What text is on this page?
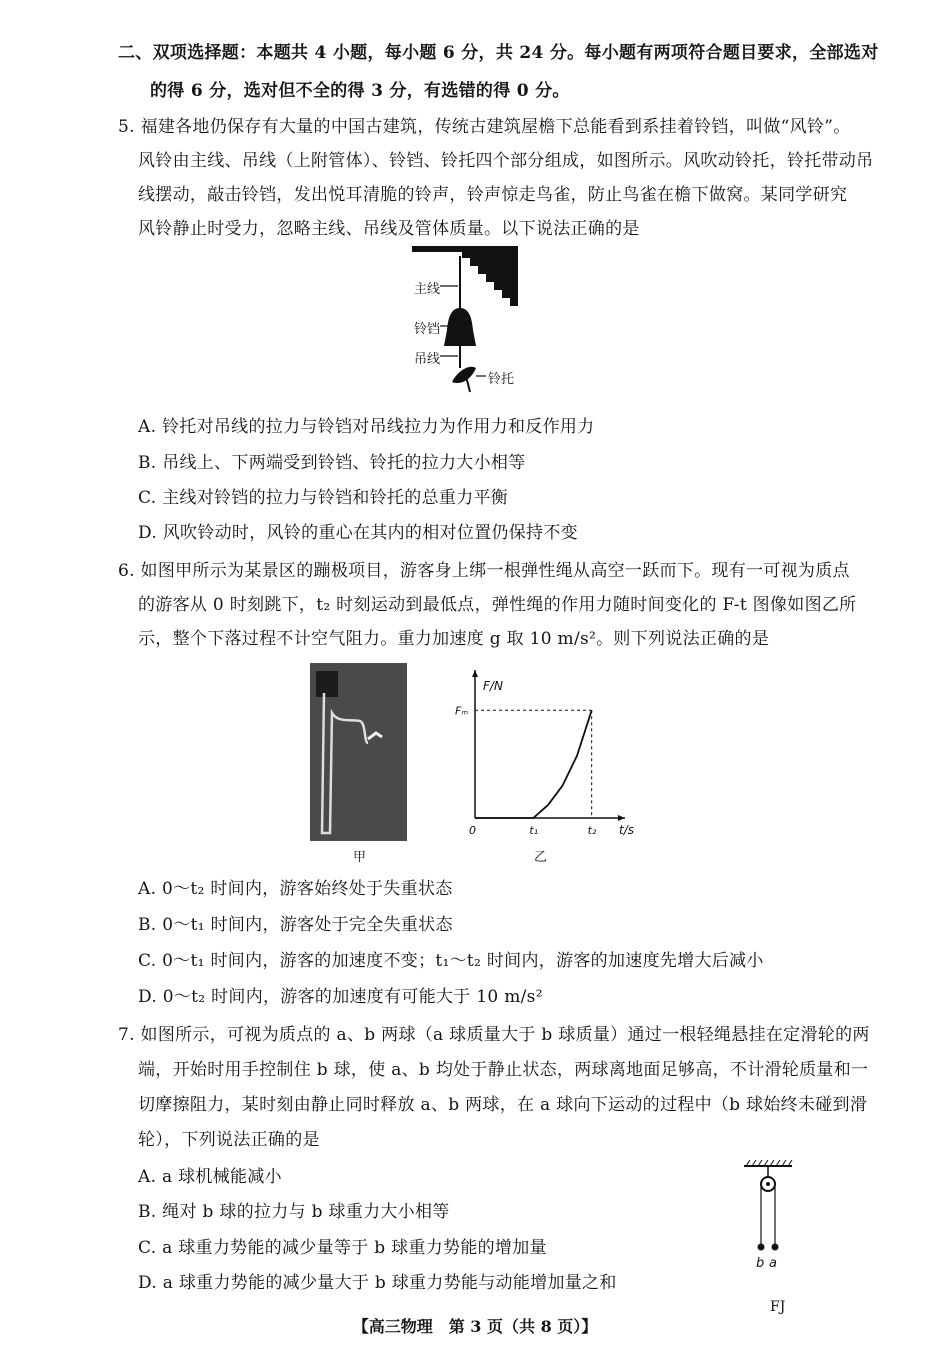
二、双项选择题：本题共 4 小题，每小题 6 分，共 24 分。每小题有两项符合题目要求，全部选对
的得 6 分，选对但不全的得 3 分，有选错的得 0 分。
5. 福建各地仍保存有大量的中国古建筑，传统古建筑屋檐下总能看到系挂着铃铛，叫做“风铃”。
风铃由主线、吊线（上附管体）、铃铛、铃托四个部分组成，如图所示。风吹动铃托，铃托带动吊
线摆动，敲击铃铛，发出悦耳清脆的铃声，铃声惊走鸟雀，防止鸟雀在檐下做窝。某同学研究
风铃静止时受力，忽略主线、吊线及管体质量。以下说法正确的是
主线
铃铛
吊线
铃托
A. 铃托对吊线的拉力与铃铛对吊线拉力为作用力和反作用力
B. 吊线上、下两端受到铃铛、铃托的拉力大小相等
C. 主线对铃铛的拉力与铃铛和铃托的总重力平衡
D. 风吹铃动时，风铃的重心在其内的相对位置仍保持不变
6. 如图甲所示为某景区的蹦极项目，游客身上绑一根弹性绳从高空一跃而下。现有一可视为质点
的游客从 0 时刻跳下，t₂ 时刻运动到最低点，弹性绳的作用力随时间变化的 F-t 图像如图乙所
示，整个下落过程不计空气阻力。重力加速度 g 取 10 m/s²。则下列说法正确的是
甲
F/N
t/s
0	t₁	t₂
Fₘ
乙
A. 0～t₂ 时间内，游客始终处于失重状态
B. 0～t₁ 时间内，游客处于完全失重状态
C. 0～t₁ 时间内，游客的加速度不变；t₁～t₂ 时间内，游客的加速度先增大后减小
D. 0～t₂ 时间内，游客的加速度有可能大于 10 m/s²
7. 如图所示，可视为质点的 a、b 两球（a 球质量大于 b 球质量）通过一根轻绳悬挂在定滑轮的两
端，开始时用手控制住 b 球，使 a、b 均处于静止状态，两球离地面足够高，不计滑轮质量和一
切摩擦阻力，某时刻由静止同时释放 a、b 两球，在 a 球向下运动的过程中（b 球始终未碰到滑
轮），下列说法正确的是
A. a 球机械能减小
B. 绳对 b 球的拉力与 b 球重力大小相等
C. a 球重力势能的减少量等于 b 球重力势能的增加量
D. a 球重力势能的减少量大于 b 球重力势能与动能增加量之和
b a
FJ
【高三物理　第 3 页（共 8 页）】
